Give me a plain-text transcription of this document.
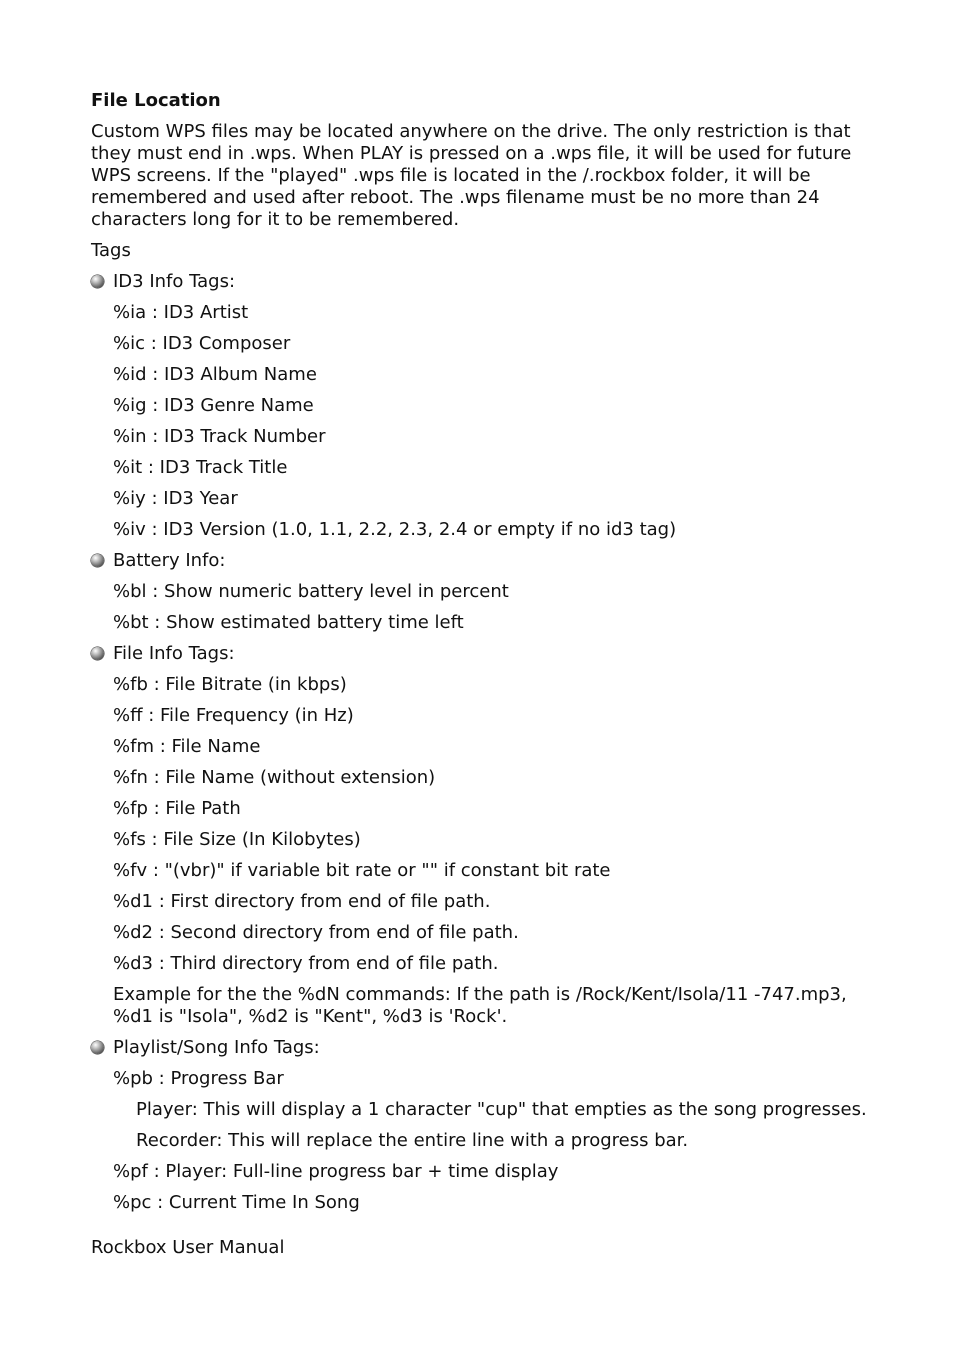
File Location
Custom WPS files may be located anywhere on the drive. The only restriction is that they must end in .wps. When PLAY is pressed on a .wps file, it will be used for future WPS screens. If the "played" .wps file is located in the /.rockbox folder, it will be remembered and used after reboot. The .wps filename must be no more than 24 characters long for it to be remembered.
Tags
ID3 Info Tags:
%ia : ID3 Artist
%ic : ID3 Composer
%id : ID3 Album Name
%ig : ID3 Genre Name
%in : ID3 Track Number
%it : ID3 Track Title
%iy : ID3 Year
%iv : ID3 Version (1.0, 1.1, 2.2, 2.3, 2.4 or empty if no id3 tag)
Battery Info:
%bl : Show numeric battery level in percent
%bt : Show estimated battery time left
File Info Tags:
%fb : File Bitrate (in kbps)
%ff : File Frequency (in Hz)
%fm : File Name
%fn : File Name (without extension)
%fp : File Path
%fs : File Size (In Kilobytes)
%fv : "(vbr)" if variable bit rate or "" if constant bit rate
%d1 : First directory from end of file path.
%d2 : Second directory from end of file path.
%d3 : Third directory from end of file path.
Example for the the %dN commands: If the path is /Rock/Kent/Isola/11 -747.mp3, %d1 is "Isola", %d2 is "Kent", %d3 is 'Rock'.
Playlist/Song Info Tags:
%pb : Progress Bar
Player: This will display a 1 character "cup" that empties as the song progresses.
Recorder: This will replace the entire line with a progress bar.
%pf : Player: Full-line progress bar + time display
%pc : Current Time In Song
Rockbox User Manual
